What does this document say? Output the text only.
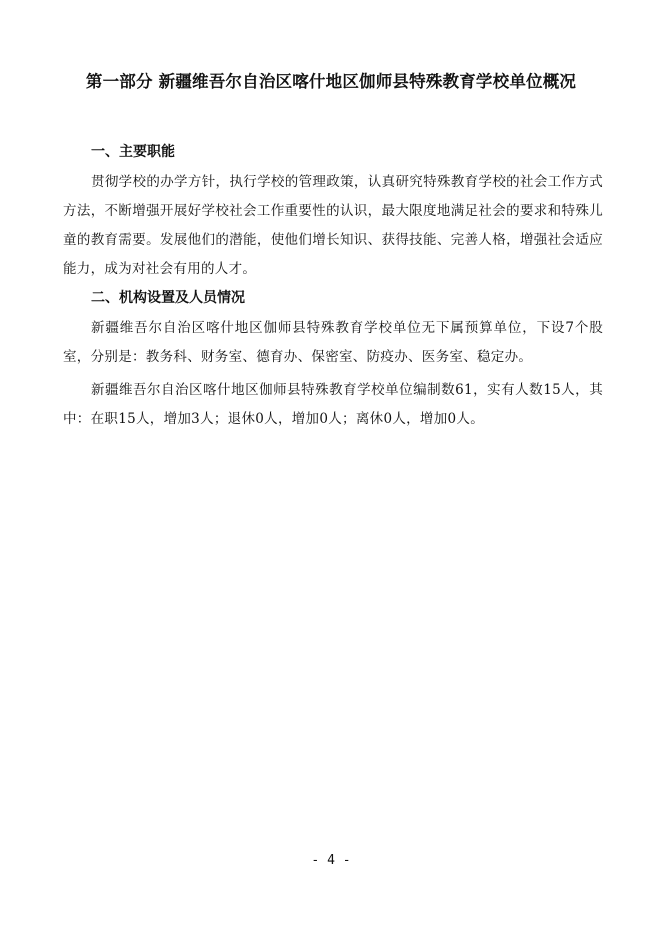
第一部分 新疆维吾尔自治区喀什地区伽师县特殊教育学校单位概况
一、主要职能

贯彻学校的办学方针，执行学校的管理政策，认真研究特殊教育学校的社会工作方式方法，不断增强开展好学校社会工作重要性的认识，最大限度地满足社会的要求和特殊儿童的教育需要。发展他们的潜能，使他们增长知识、获得技能、完善人格，增强社会适应能力，成为对社会有用的人才。

二、机构设置及人员情况

新疆维吾尔自治区喀什地区伽师县特殊教育学校单位无下属预算单位，下设7个股室，分别是：教务科、财务室、德育办、保密室、防疫办、医务室、稳定办。

新疆维吾尔自治区喀什地区伽师县特殊教育学校单位编制数61，实有人数15人，其中：在职15人，增加3人；退休0人，增加0人；离休0人，增加0人。

- 4 -
